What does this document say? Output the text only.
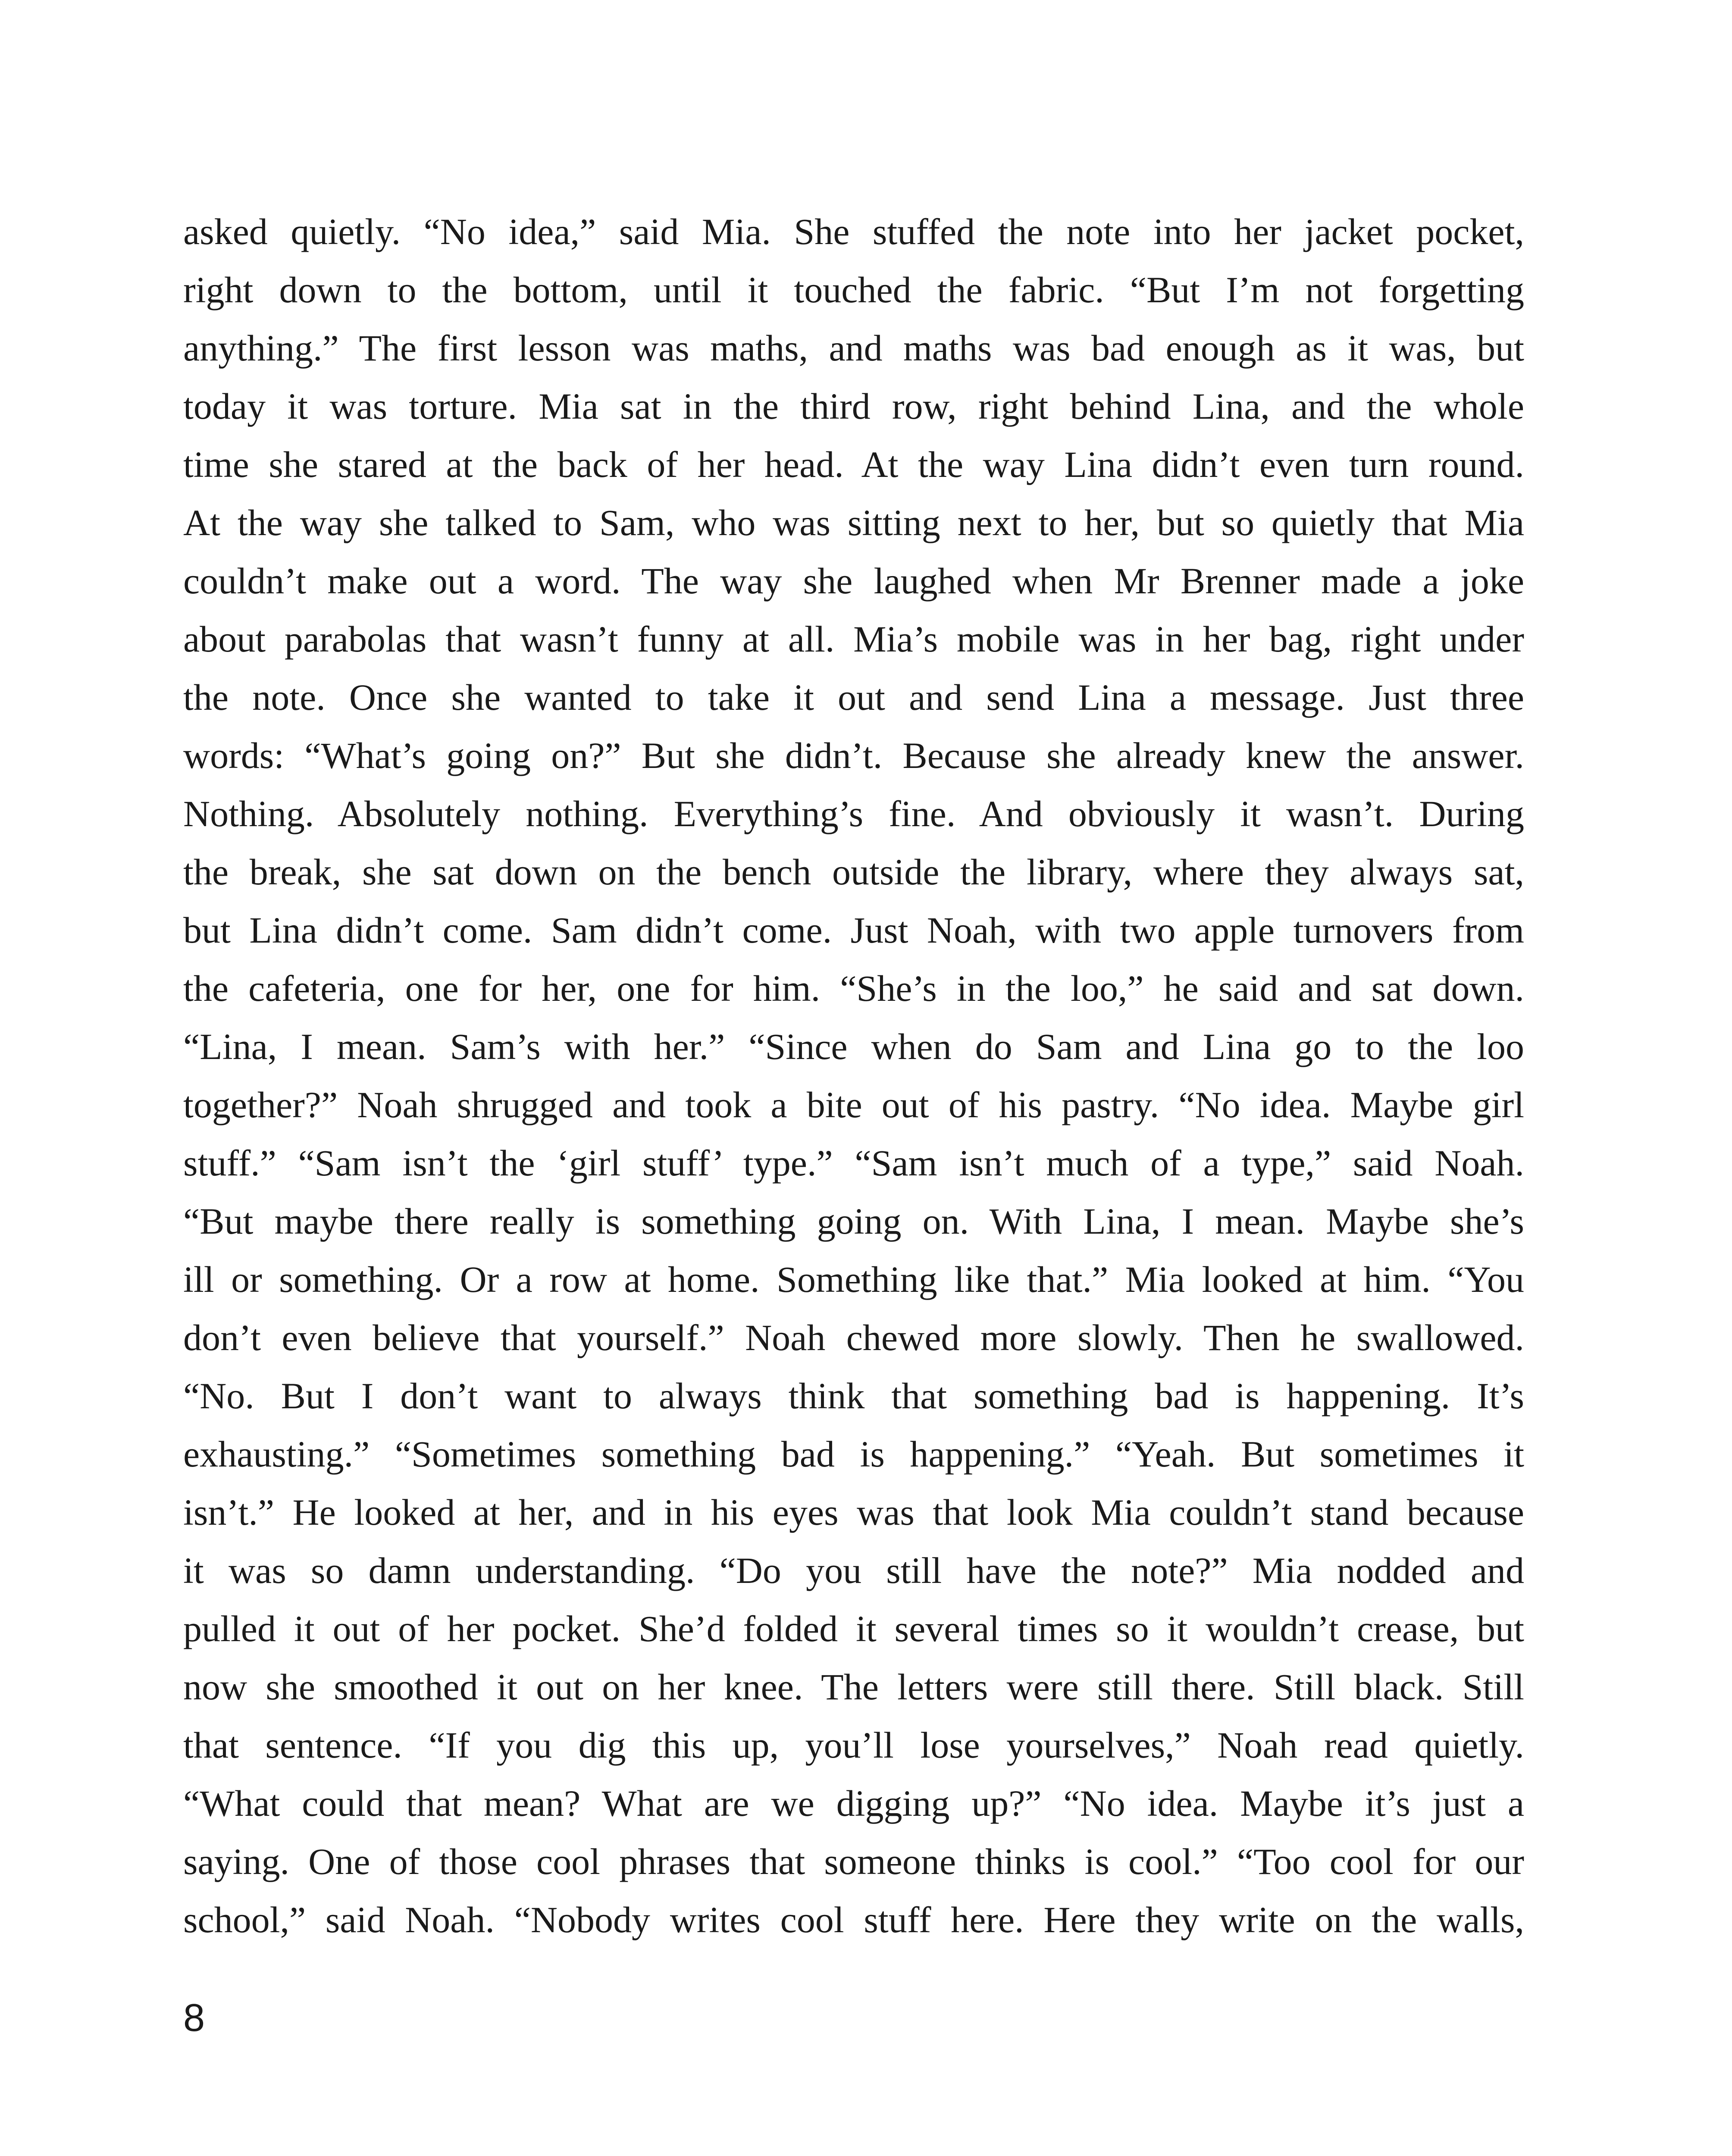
asked quietly. “No idea,” said Mia. She stuffed the note into her jacket pocket,
right down to the bottom, until it touched the fabric. “But I’m not forgetting
anything.” The first lesson was maths, and maths was bad enough as it was, but
today it was torture. Mia sat in the third row, right behind Lina, and the whole
time she stared at the back of her head. At the way Lina didn’t even turn round.
At the way she talked to Sam, who was sitting next to her, but so quietly that Mia
couldn’t make out a word. The way she laughed when Mr Brenner made a joke
about parabolas that wasn’t funny at all. Mia’s mobile was in her bag, right under
the note. Once she wanted to take it out and send Lina a message. Just three
words: “What’s going on?” But she didn’t. Because she already knew the answer.
Nothing. Absolutely nothing. Everything’s fine. And obviously it wasn’t. During
the break, she sat down on the bench outside the library, where they always sat,
but Lina didn’t come. Sam didn’t come. Just Noah, with two apple turnovers from
the cafeteria, one for her, one for him. “She’s in the loo,” he said and sat down.
“Lina, I mean. Sam’s with her.” “Since when do Sam and Lina go to the loo
together?” Noah shrugged and took a bite out of his pastry. “No idea. Maybe girl
stuff.” “Sam isn’t the ‘girl stuff’ type.” “Sam isn’t much of a type,” said Noah.
“But maybe there really is something going on. With Lina, I mean. Maybe she’s
ill or something. Or a row at home. Something like that.” Mia looked at him. “You
don’t even believe that yourself.” Noah chewed more slowly. Then he swallowed.
“No. But I don’t want to always think that something bad is happening. It’s
exhausting.” “Sometimes something bad is happening.” “Yeah. But sometimes it
isn’t.” He looked at her, and in his eyes was that look Mia couldn’t stand because
it was so damn understanding. “Do you still have the note?” Mia nodded and
pulled it out of her pocket. She’d folded it several times so it wouldn’t crease, but
now she smoothed it out on her knee. The letters were still there. Still black. Still
that sentence. “If you dig this up, you’ll lose yourselves,” Noah read quietly.
“What could that mean? What are we digging up?” “No idea. Maybe it’s just a
saying. One of those cool phrases that someone thinks is cool.” “Too cool for our
school,” said Noah. “Nobody writes cool stuff here. Here they write on the walls,
8
